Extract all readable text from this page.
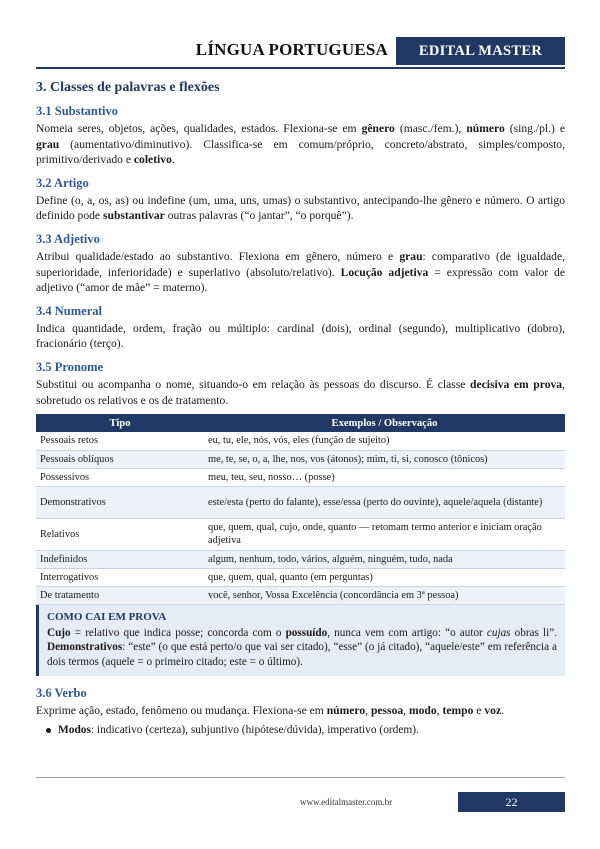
LÍNGUA PORTUGUESA	EDITAL MASTER
3. Classes de palavras e flexões
3.1 Substantivo

Nomeia seres, objetos, ações, qualidades, estados. Flexiona-se em gênero (masc./fem.), número (sing./pl.) e grau (aumentativo/diminutivo). Classifica-se em comum/próprio, concreto/abstrato, simples/composto, primitivo/derivado e coletivo.

3.2 Artigo

Define (o, a, os, as) ou indefine (um, uma, uns, umas) o substantivo, antecipando-lhe gênero e número. O artigo definido pode substantivar outras palavras (“o jantar”, “o porquê”).

3.3 Adjetivo

Atribui qualidade/estado ao substantivo. Flexiona em gênero, número e grau: comparativo (de igualdade, superioridade, inferioridade) e superlativo (absoluto/relativo). Locução adjetiva = expressão com valor de adjetivo (“amor de mãe” = materno).

3.4 Numeral

Indica quantidade, ordem, fração ou múltiplo: cardinal (dois), ordinal (segundo), multiplicativo (dobro), fracionário (terço).

3.5 Pronome

Substitui ou acompanha o nome, situando-o em relação às pessoas do discurso. É classe decisiva em prova, sobretudo os relativos e os de tratamento.

Tipo	Exemplos / Observação
Pessoais retos	eu, tu, ele, nós, vós, eles (função de sujeito)
Pessoais oblíquos	me, te, se, o, a, lhe, nos, vos (átonos); mim, ti, si, conosco (tônicos)
Possessivos	meu, teu, seu, nosso… (posse)
Demonstrativos	este/esta (perto do falante), esse/essa (perto do ouvinte), aquele/aquela (distante)
Relativos	que, quem, qual, cujo, onde, quanto — retomam termo anterior e iniciam oração adjetiva
Indefinidos	algum, nenhum, todo, vários, alguém, ninguém, tudo, nada
Interrogativos	que, quem, qual, quanto (em perguntas)
De tratamento	você, senhor, Vossa Excelência (concordância em 3ª pessoa)
COMO CAI EM PROVA
Cujo = relativo que indica posse; concorda com o possuído, nunca vem com artigo: “o autor cujas obras li”. Demonstrativos: “este” (o que está perto/o que vai ser citado), “esse” (o já citado), “aquele/este” em referência a dois termos (aquele = o primeiro citado; este = o último).
3.6 Verbo

Exprime ação, estado, fenômeno ou mudança. Flexiona-se em número, pessoa, modo, tempo e voz.

Modos: indicativo (certeza), subjuntivo (hipótese/dúvida), imperativo (ordem).
www.editalmaster.com.br	22
